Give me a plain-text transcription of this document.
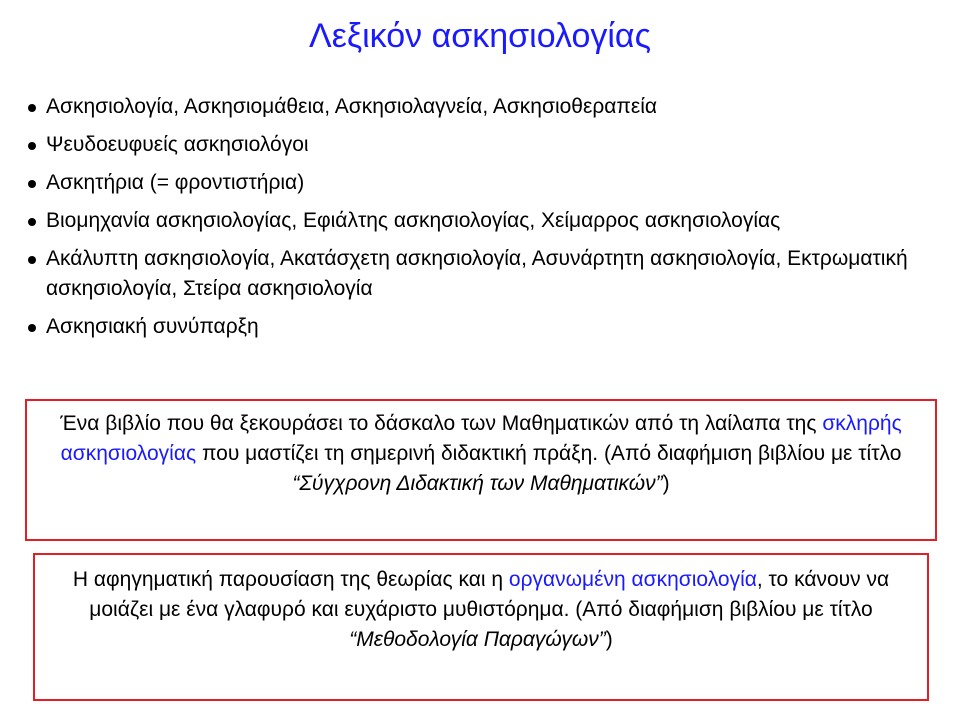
Λεξικόν ασκησιολογίας
Ασκησιολογία, Ασκησιομάθεια, Ασκησιολαγνεία, Ασκησιοθεραπεία
Ψευδοευφυείς ασκησιολόγοι
Ασκητήρια (= φροντιστήρια)
Βιομηχανία ασκησιολογίας, Εφιάλτης ασκησιολογίας, Χείμαρρος ασκησιολογίας
Ακάλυπτη ασκησιολογία, Ακατάσχετη ασκησιολογία, Ασυνάρτητη ασκησιολογία, Εκτρωματική ασκησιολογία, Στείρα ασκησιολογία
Ασκησιακή συνύπαρξη
Ένα βιβλίο που θα ξεκουράσει το δάσκαλο των Μαθηματικών από τη λαίλαπα της σκληρής ασκησιολογίας που μαστίζει τη σημερινή διδακτική πράξη. (Από διαφήμιση βιβλίου με τίτλο “Σύγχρονη Διδακτική των Μαθηματικών”)
Η αφηγηματική παρουσίαση της θεωρίας και η οργανωμένη ασκησιολογία, το κάνουν να μοιάζει με ένα γλαφυρό και ευχάριστο μυθιστόρημα. (Από διαφήμιση βιβλίου με τίτλο “Μεθοδολογία Παραγώγων”)
